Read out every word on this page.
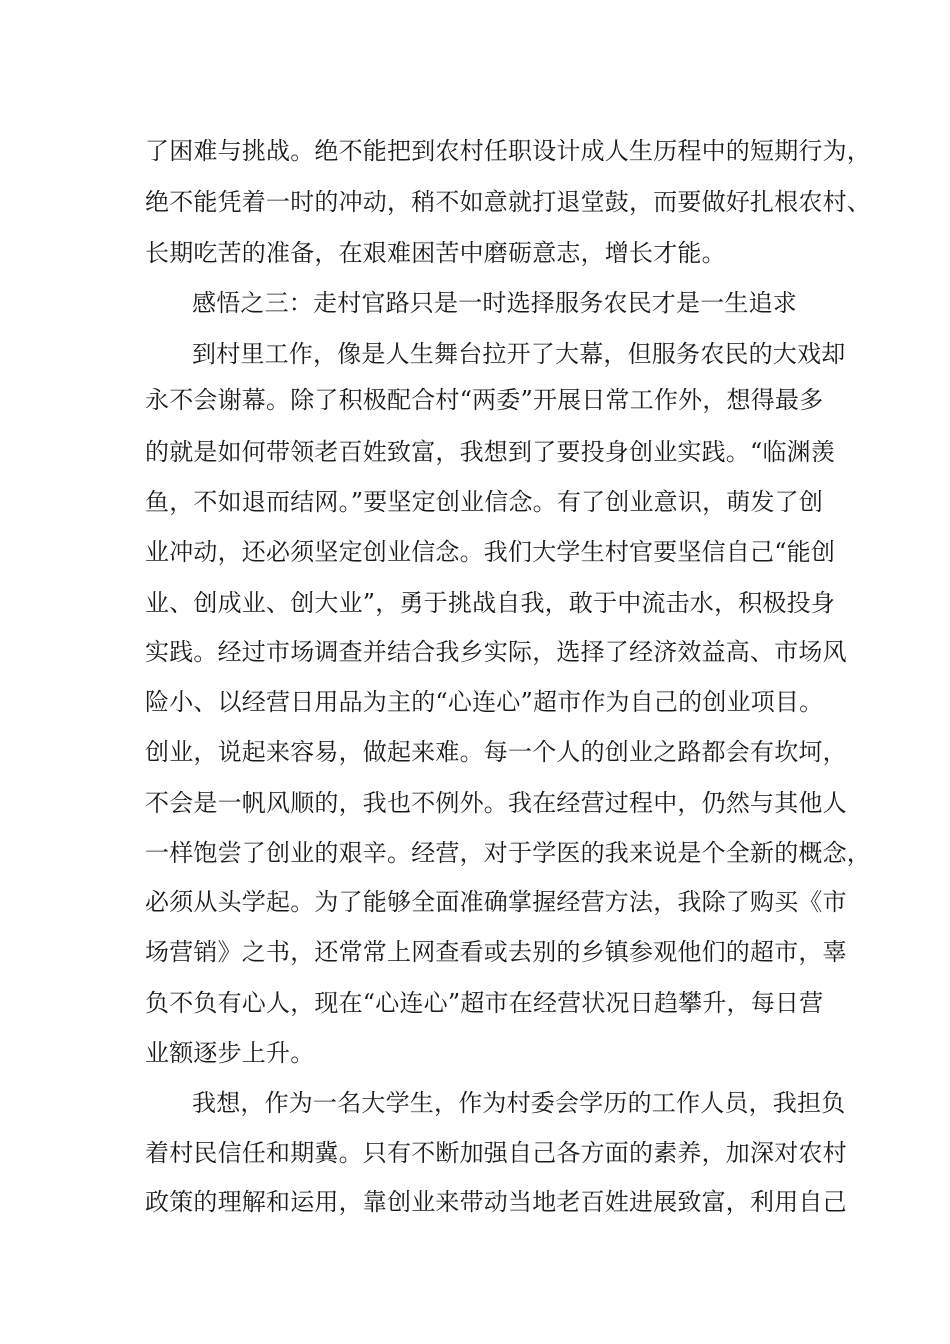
了困难与挑战。绝不能把到农村任职设计成人生历程中的短期行为，
绝不能凭着一时的冲动，稍不如意就打退堂鼓，而要做好扎根农村、
长期吃苦的准备，在艰难困苦中磨砺意志，增长才能。
感悟之三：走村官路只是一时选择服务农民才是一生追求
到村里工作，像是人生舞台拉开了大幕，但服务农民的大戏却
永不会谢幕。除了积极配合村“两委”开展日常工作外，想得最多
的就是如何带领老百姓致富，我想到了要投身创业实践。“临渊羡
鱼，不如退而结网。”要坚定创业信念。有了创业意识，萌发了创
业冲动，还必须坚定创业信念。我们大学生村官要坚信自己“能创
业、创成业、创大业”，勇于挑战自我，敢于中流击水，积极投身
实践。经过市场调查并结合我乡实际，选择了经济效益高、市场风
险小、以经营日用品为主的“心连心”超市作为自己的创业项目。
创业，说起来容易，做起来难。每一个人的创业之路都会有坎坷，
不会是一帆风顺的，我也不例外。我在经营过程中，仍然与其他人
一样饱尝了创业的艰辛。经营，对于学医的我来说是个全新的概念，
必须从头学起。为了能够全面准确掌握经营方法，我除了购买《市
场营销》之书，还常常上网查看或去别的乡镇参观他们的超市，辜
负不负有心人，现在“心连心”超市在经营状况日趋攀升，每日营
业额逐步上升。
我想，作为一名大学生，作为村委会学历的工作人员，我担负
着村民信任和期冀。只有不断加强自己各方面的素养，加深对农村
政策的理解和运用，靠创业来带动当地老百姓进展致富，利用自己
